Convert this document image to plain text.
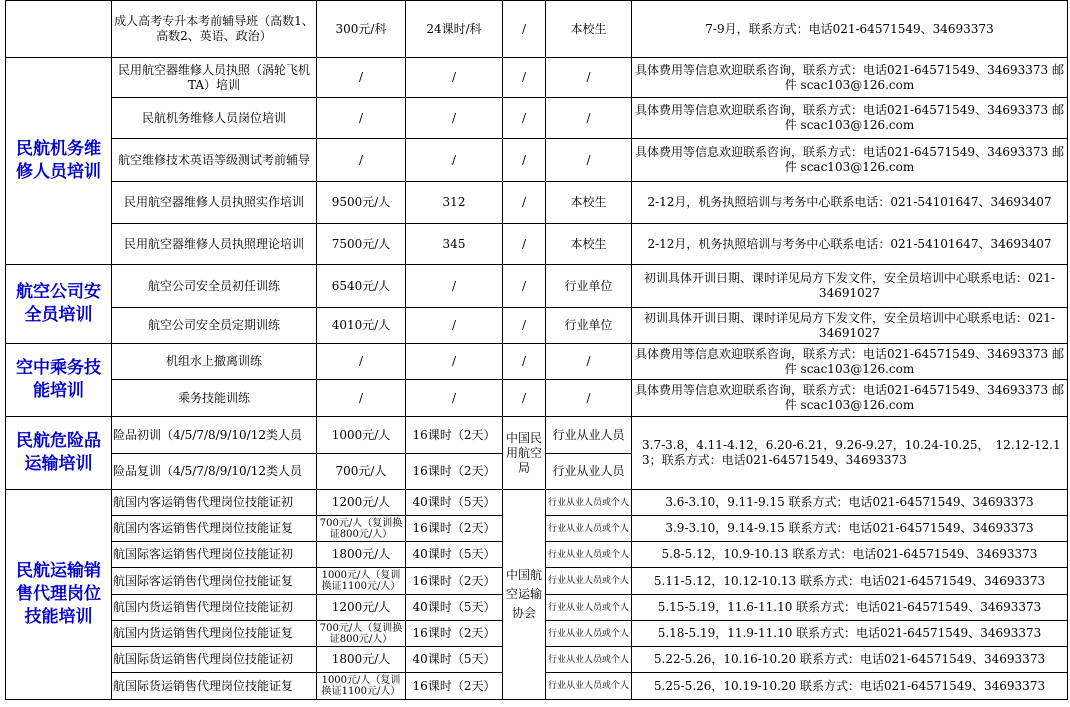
	成人高考专升本考前辅导班（高数1、高数2、英语、政治）	300元/科	24课时/科	/	本校生	7-9月，联系方式：电话021-64571549、34693373
民航机务维修人员培训	民用航空器维修人员执照（涡轮飞机TA）培训	/	/	/	/	具体费用等信息欢迎联系咨询，联系方式：电话021-64571549、34693373 邮件 scac103@126.com
	民航机务维修人员岗位培训	/	/	/	/	具体费用等信息欢迎联系咨询，联系方式：电话021-64571549、34693373 邮件 scac103@126.com
	航空维修技术英语等级测试考前辅导	/	/	/	/	具体费用等信息欢迎联系咨询，联系方式：电话021-64571549、34693373 邮件 scac103@126.com
	民用航空器维修人员执照实作培训	9500元/人	312	/	本校生	2-12月，机务执照培训与考务中心联系电话：021-54101647、34693407
	民用航空器维修人员执照理论培训	7500元/人	345	/	本校生	2-12月，机务执照培训与考务中心联系电话：021-54101647、34693407
航空公司安全员培训	航空公司安全员初任训练	6540元/人	/	/	行业单位	初训具体开训日期、课时详见局方下发文件，安全员培训中心联系电话：021-34691027
	航空公司安全员定期训练	4010元/人	/	/	行业单位	初训具体开训日期、课时详见局方下发文件，安全员培训中心联系电话：021-34691027
空中乘务技能培训	机组水上撤离训练	/	/	/	/	具体费用等信息欢迎联系咨询，联系方式：电话021-64571549、34693373 邮件 scac103@126.com
	乘务技能训练	/	/	/	/	具体费用等信息欢迎联系咨询，联系方式：电话021-64571549、34693373 邮件 scac103@126.com
民航危险品运输培训	险品初训（4/5/7/8/9/10/12类人员	1000元/人	16课时（2天）	中国民用航空局	行业从业人员	3.7-3.8，4.11-4.12，6.20-6.21，9.26-9.27，10.24-10.25，　12.12-12.13；联系方式：电话021-64571549、34693373
	险品复训（4/5/7/8/9/10/12类人员	700元/人	16课时（2天）		行业从业人员	
民航运输销售代理岗位技能培训	航国内客运销售代理岗位技能证初	1200元/人	40课时（5天）	中国航空运输协会	行业从业人员或个人	3.6-3.10，9.11-9.15 联系方式：电话021-64571549、34693373
	航国内客运销售代理岗位技能证复	700元/人（复训换证800元/人）	16课时（2天）		行业从业人员或个人	3.9-3.10，9.14-9.15 联系方式：电话021-64571549、34693373
	航国际客运销售代理岗位技能证初	1800元/人	40课时（5天）		行业从业人员或个人	5.8-5.12，10.9-10.13 联系方式：电话021-64571549、34693373
	航国际客运销售代理岗位技能证复	1000元/人（复训换证1100元/人）	16课时（2天）		行业从业人员或个人	5.11-5.12，10.12-10.13 联系方式：电话021-64571549、34693373
	航国内货运销售代理岗位技能证初	1200元/人	40课时（5天）		行业从业人员或个人	5.15-5.19，11.6-11.10 联系方式：电话021-64571549、34693373
	航国内货运销售代理岗位技能证复	700元/人（复训换证800元/人）	16课时（2天）		行业从业人员或个人	5.18-5.19，11.9-11.10 联系方式：电话021-64571549、34693373
	航国际货运销售代理岗位技能证初	1800元/人	40课时（5天）		行业从业人员或个人	5.22-5.26，10.16-10.20 联系方式：电话021-64571549、34693373
	航国际货运销售代理岗位技能证复	1000元/人（复训换证1100元/人）	16课时（2天）		行业从业人员或个人	5.25-5.26，10.19-10.20 联系方式：电话021-64571549、34693373
